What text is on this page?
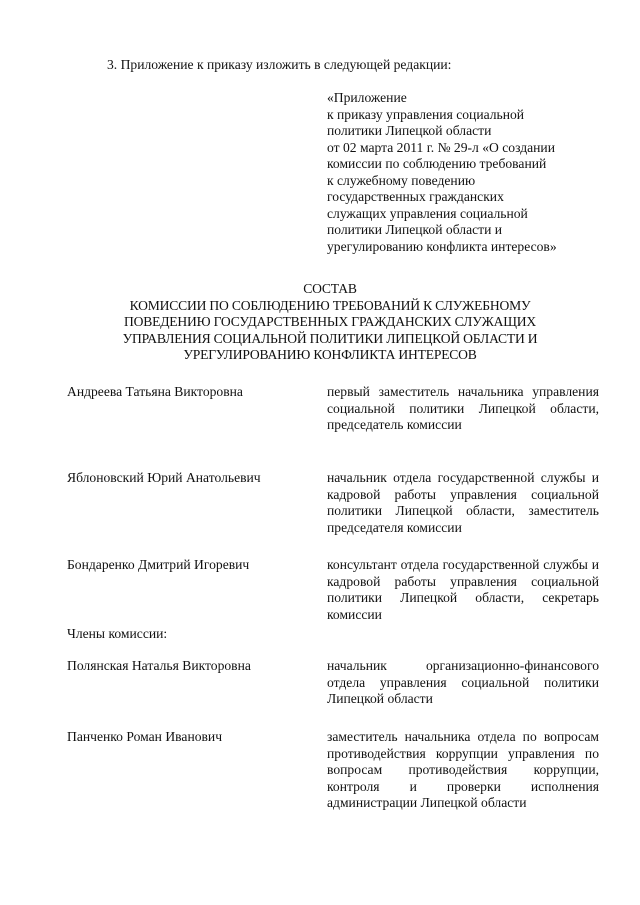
3. Приложение к приказу изложить в следующей редакции:
«Приложение
к приказу управления социальной
политики Липецкой области
от 02 марта 2011 г. № 29-л «О создании
комиссии по соблюдению требований
к служебному поведению
государственных гражданских
служащих управления социальной
политики Липецкой области и
урегулированию конфликта интересов»
СОСТАВ
КОМИССИИ ПО СОБЛЮДЕНИЮ ТРЕБОВАНИЙ К СЛУЖЕБНОМУ
ПОВЕДЕНИЮ ГОСУДАРСТВЕННЫХ ГРАЖДАНСКИХ СЛУЖАЩИХ
УПРАВЛЕНИЯ СОЦИАЛЬНОЙ ПОЛИТИКИ ЛИПЕЦКОЙ ОБЛАСТИ И
УРЕГУЛИРОВАНИЮ КОНФЛИКТА ИНТЕРЕСОВ
Андреева Татьяна Викторовна	первый заместитель начальника управления социальной политики Липецкой области, председатель комиссии
Яблоновский Юрий Анатольевич	начальник отдела государственной службы и кадровой работы управления социальной политики Липецкой области, заместитель председателя комиссии
Бондаренко Дмитрий Игоревич	консультант отдела государственной службы и кадровой работы управления социальной политики Липецкой области, секретарь комиссии
Члены комиссии:
Полянская Наталья Викторовна	начальник организационно-финансового отдела управления социальной политики Липецкой области
Панченко Роман Иванович	заместитель начальника отдела по вопросам противодействия коррупции управления по вопросам противодействия коррупции, контроля и проверки исполнения администрации Липецкой области
